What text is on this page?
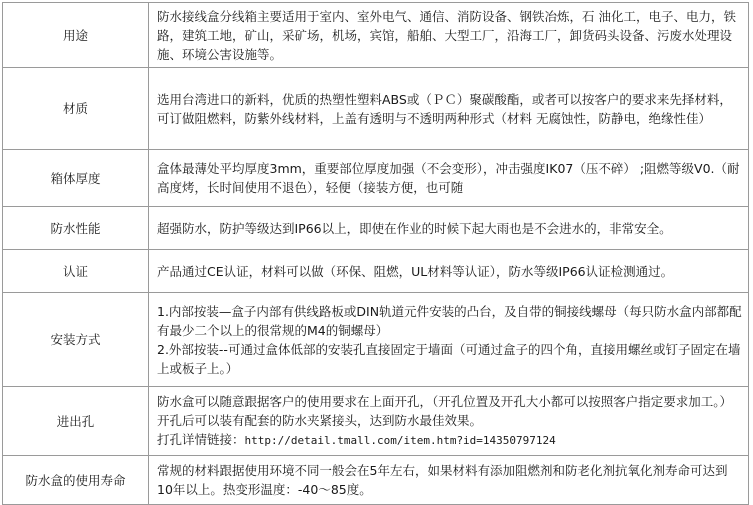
用途	防水接线盒分线箱主要适用于室内、室外电气、通信、消防设备、钢铁冶炼，石 油化工，电子、电力，铁路，建筑工地，矿山，采矿场，机场，宾馆，船舶、大型工厂，沿海工厂，卸货码头设备、污废水处理设施、环境公害设施等。
材质	选用台湾进口的新料，优质的热塑性塑料ABS或（ＰＣ）聚碳酸酯，或者可以按客户的要求来先择材料，可订做阻燃料，防紫外线材料，上盖有透明与不透明两种形式（材料 无腐蚀性，防静电，绝缘性佳）
箱体厚度	盒体最薄处平均厚度3mm，重要部位厚度加强（不会变形），冲击强度IK07（压不碎） ;阻燃等级V0.（耐高度烤，长时间使用不退色），轻便（接装方便，也可随
防水性能	超强防水，防护等级达到IP66以上，即使在作业的时候下起大雨也是不会进水的，非常安全。
认证	产品通过CE认证，材料可以做（环保、阻燃，UL材料等认证），防水等级IP66认证检测通过。
安装方式	1.内部按装—盒子内部有供线路板或DIN轨道元件安装的凸台，及自带的铜接线螺母（每只防水盒内部都配有最少二个以上的很常规的M4的铜螺母）

2.外部按装--可通过盒体低部的安装孔直接固定于墙面（可通过盒子的四个角，直接用螺丝或钉子固定在墙上或板子上。）

进出孔	防水盒可以随意跟据客户的使用要求在上面开孔，（开孔位置及开孔大小都可以按照客户指定要求加工。）开孔后可以装有配套的防水夹紧接头，达到防水最佳效果。

打孔详情链接：http://detail.tmall.com/item.htm?id=14350797124

防水盒的使用寿命	常规的材料跟据使用环境不同一般会在5年左右，如果材料有添加阻燃剂和防老化剂抗氧化剂寿命可达到10年以上。热变形温度：-40～85度。
